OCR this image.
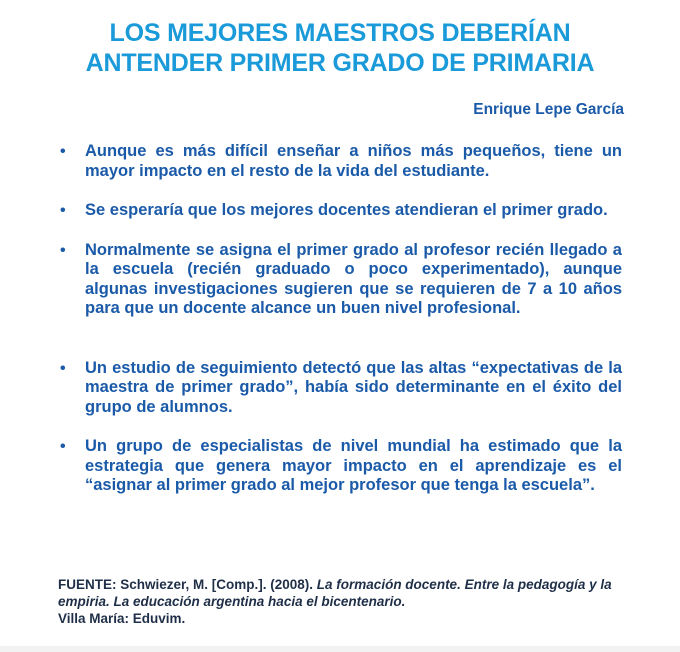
LOS MEJORES MAESTROS DEBERÍAN
ANTENDER PRIMER GRADO DE PRIMARIA
Enrique Lepe García
• Aunque es más difícil enseñar a niños más pequeños, tiene un mayor impacto en el resto de la vida del estudiante.
• Se esperaría que los mejores docentes atendieran el primer grado.
• Normalmente se asigna el primer grado al profesor recién llegado a la escuela (recién graduado o poco experimentado), aunque algunas investigaciones sugieren que se requieren de 7 a 10 años para que un docente alcance un buen nivel profesional.
• Un estudio de seguimiento detectó que las altas “expectativas de la maestra de primer grado”, había sido determinante en el éxito del grupo de alumnos.
• Un grupo de especialistas de nivel mundial ha estimado que la estrategia que genera mayor impacto en el aprendizaje es el “asignar al primer grado al mejor profesor que tenga la escuela”.
FUENTE: Schwiezer, M. [Comp.]. (2008). La formación docente. Entre la pedagogía y la empiria. La educación argentina hacia el bicentenario.
Villa María: Eduvim.
